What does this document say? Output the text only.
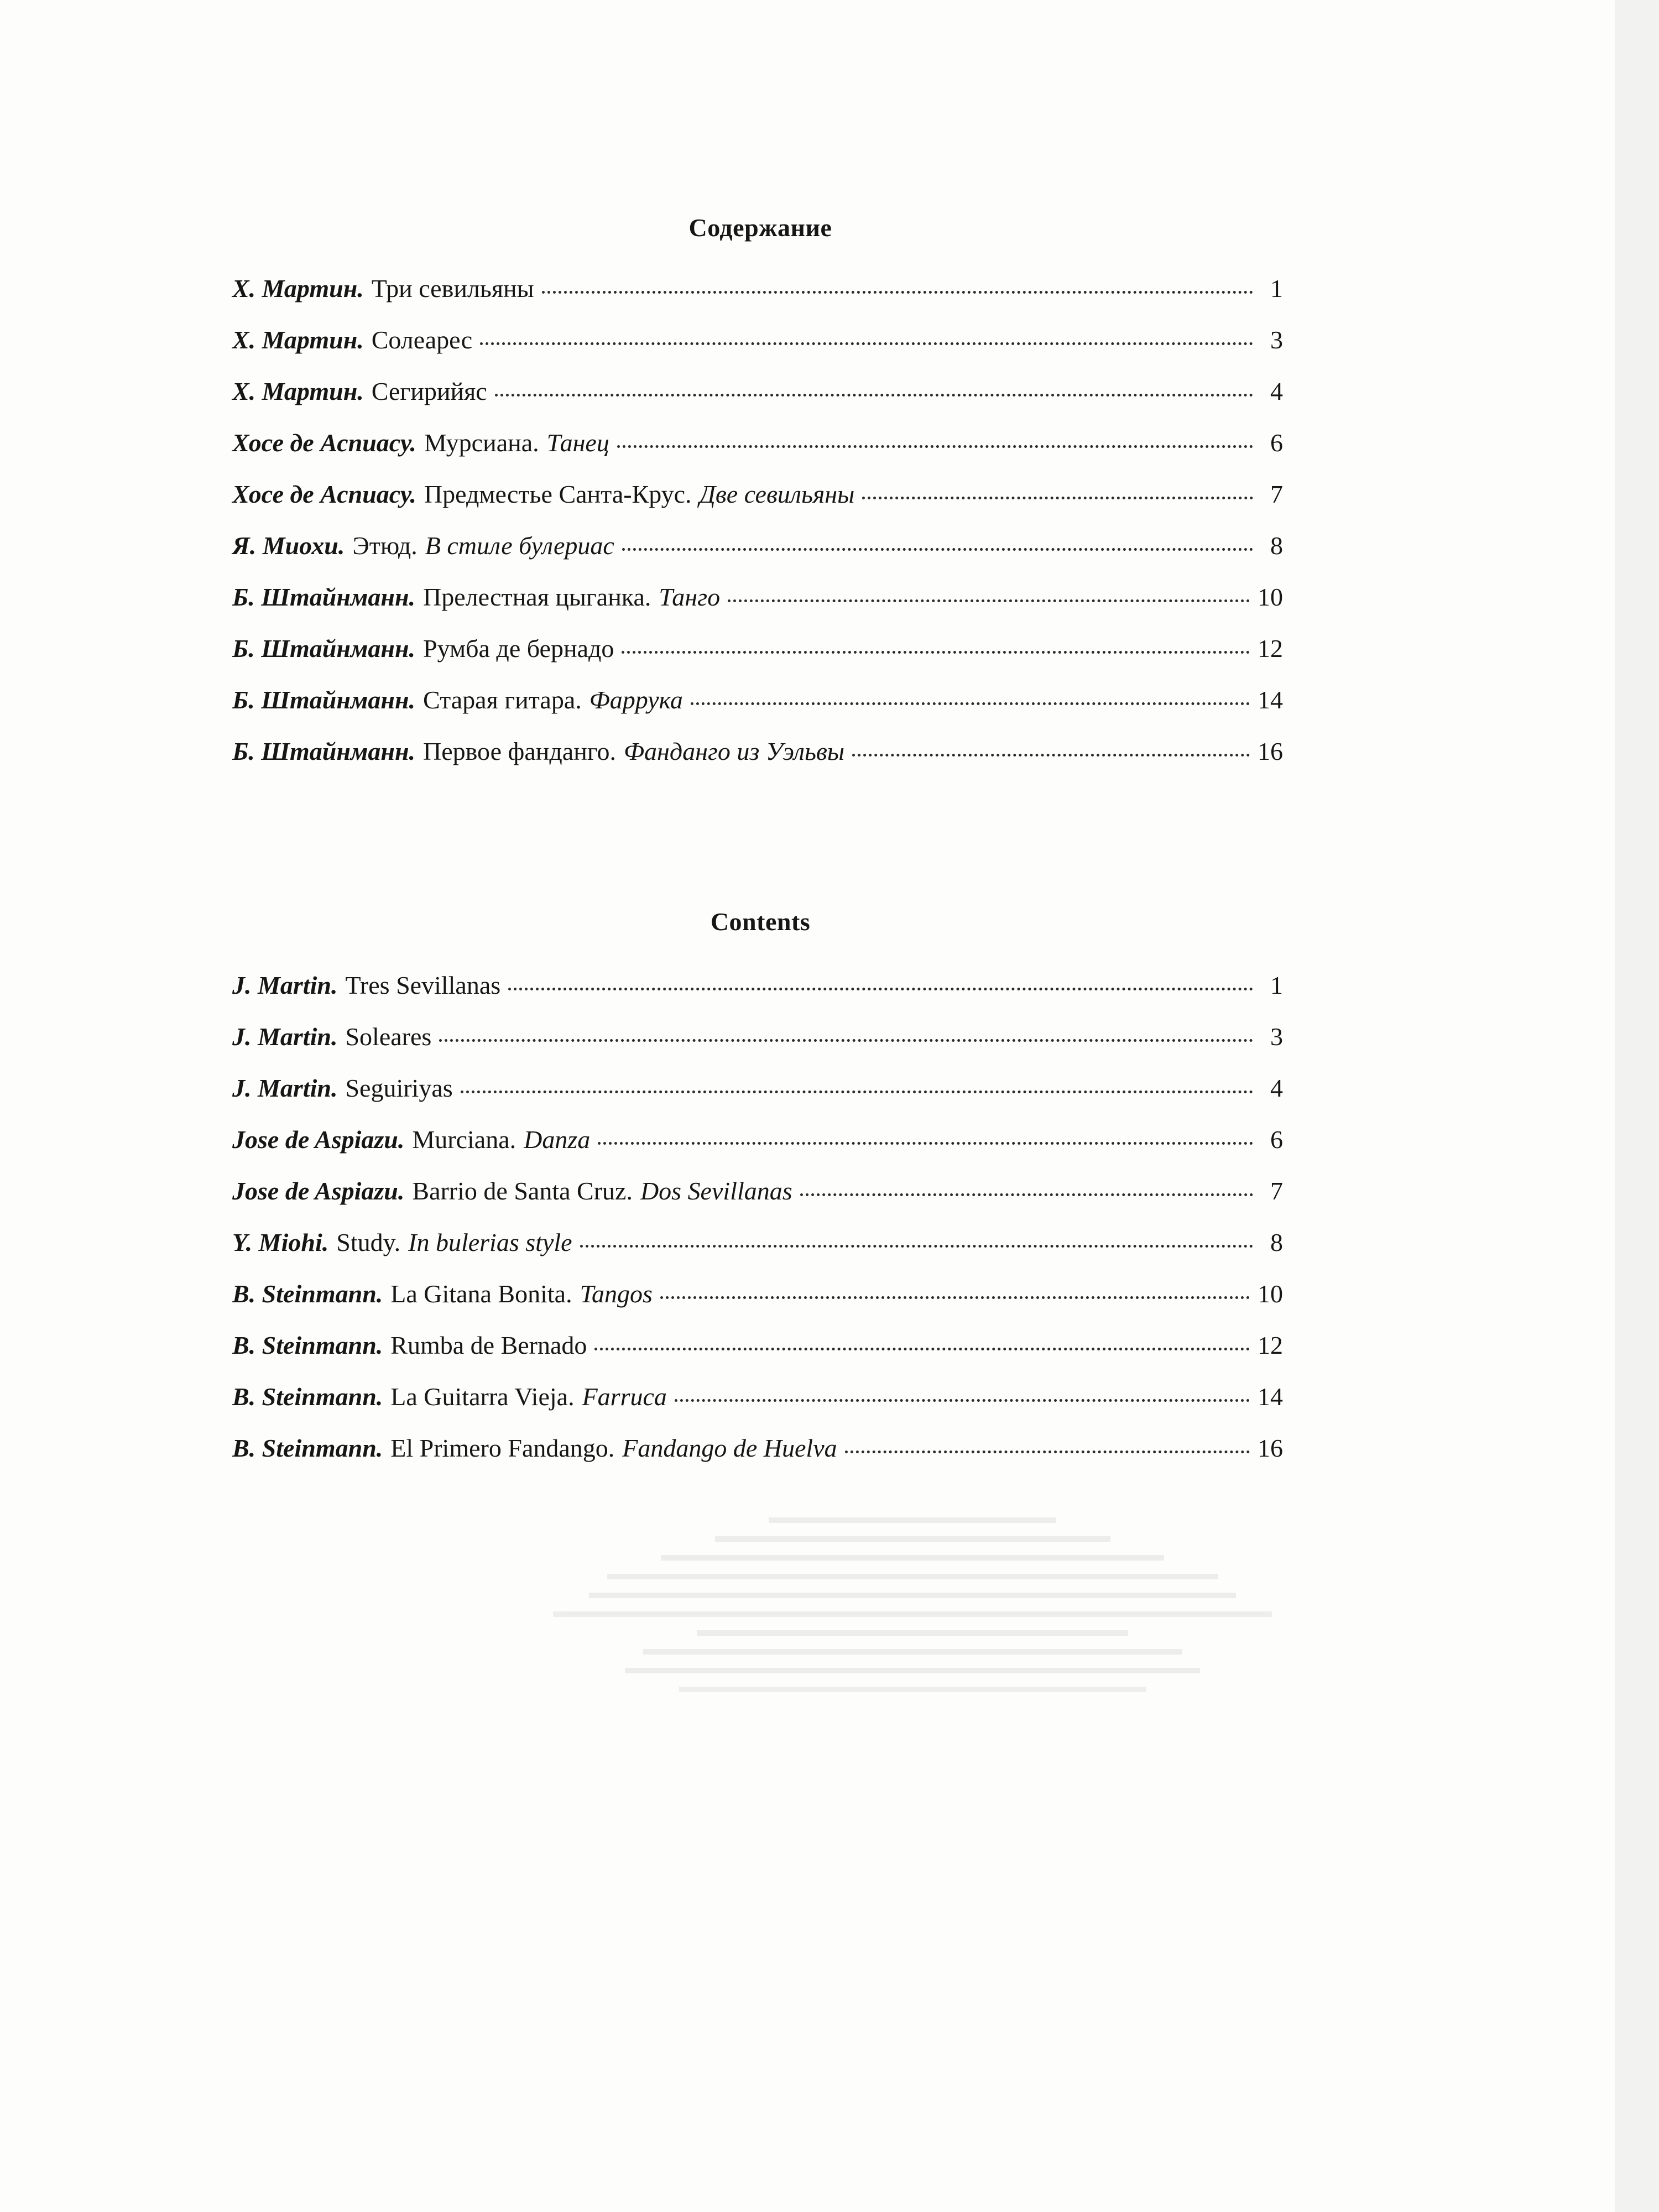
Содержание
Х. Мартин. Три севильяны	1
Х. Мартин. Солеарес	3
Х. Мартин. Сегирийяс	4
Хосе де Аспиасу. Мурсиана. Танец	6
Хосе де Аспиасу. Предместье Санта-Крус. Две севильяны	7
Я. Миохи. Этюд. В стиле булериас	8
Б. Штайнманн. Прелестная цыганка. Танго	10
Б. Штайнманн. Румба де бернадо	12
Б. Штайнманн. Старая гитара. Фаррука	14
Б. Штайнманн. Первое фанданго. Фанданго из Уэльвы	16
Contents
J. Martin. Tres Sevillanas	1
J. Martin. Soleares	3
J. Martin. Seguiriyas	4
Jose de Aspiazu. Murciana. Danza	6
Jose de Aspiazu. Barrio de Santa Cruz. Dos Sevillanas	7
Y. Miohi. Study. In bulerias style	8
B. Steinmann. La Gitana Bonita. Tangos	10
B. Steinmann. Rumba de Bernado	12
B. Steinmann. La Guitarra Vieja. Farruca	14
B. Steinmann. El Primero Fandango. Fandango de Huelva	16
